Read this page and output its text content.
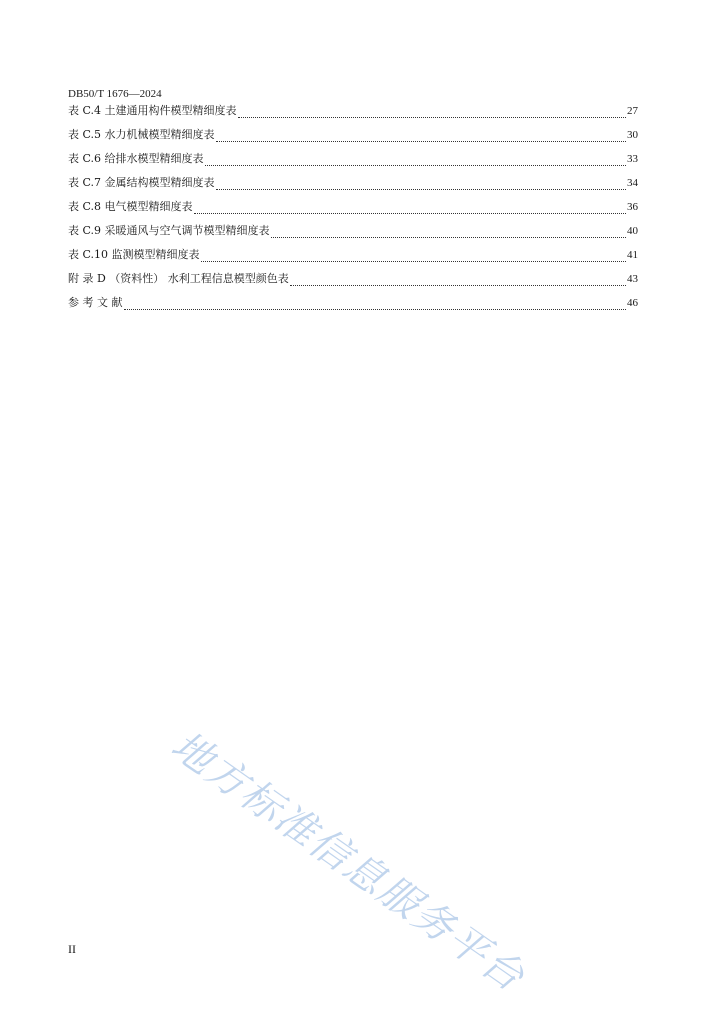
DB50/T 1676—2024
表 C.4 土建通用构件模型精细度表	27
表 C.5 水力机械模型精细度表	30
表 C.6 给排水模型精细度表	33
表 C.7 金属结构模型精细度表	34
表 C.8 电气模型精细度表	36
表 C.9 采暖通风与空气调节模型精细度表	40
表 C.10 监测模型精细度表	41
附 录 D （资料性） 水利工程信息模型颜色表	43
参 考 文 献	46
地方标准信息服务平台
II
